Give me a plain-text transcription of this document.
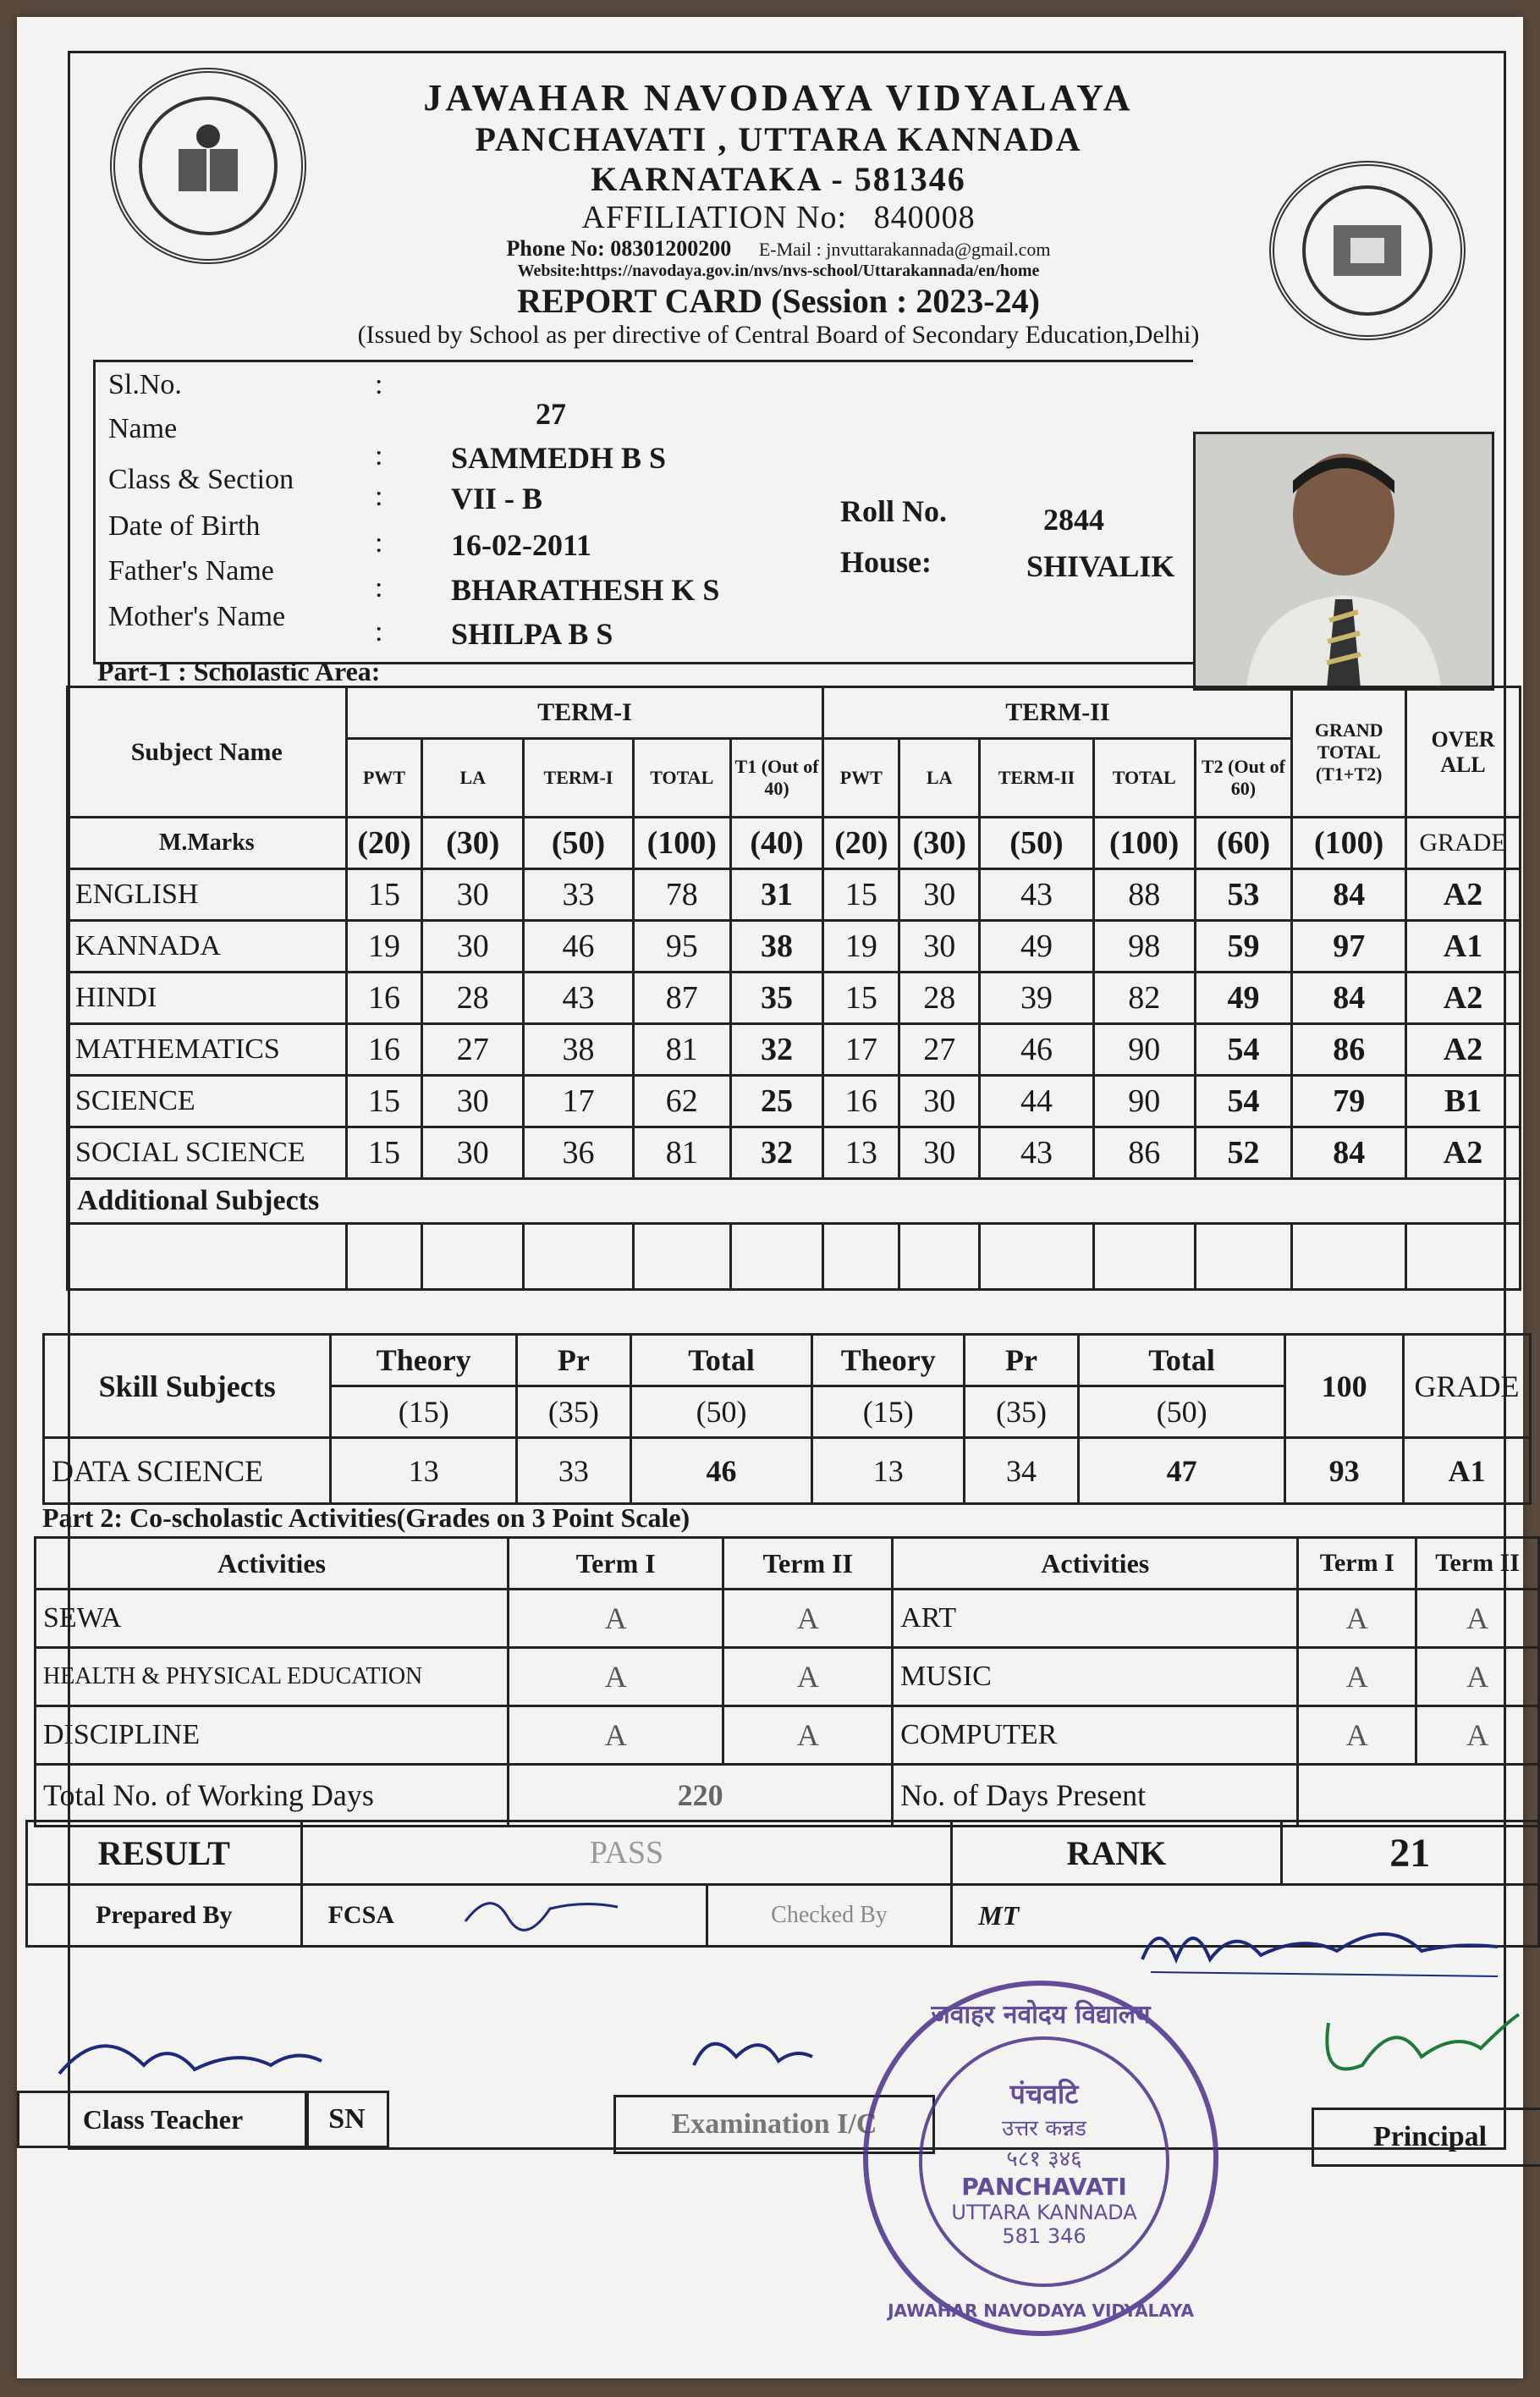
JAWAHAR NAVODAYA VIDYALAYA
PANCHAVATI , UTTARA KANNADA
KARNATAKA - 581346
AFFILIATION No: 840008
Phone No: 08301200200 E-Mail : jnvuttarakannada@gmail.com
Website:https://navodaya.gov.in/nvs/nvs-school/Uttarakannada/en/home
REPORT CARD (Session : 2023-24)
(Issued by School as per directive of Central Board of Secondary Education,Delhi)
Sl.No.	:
27
Name
: SAMMEDH B S
Class & Section
: VII - B
Date of Birth
: 16-02-2011
Father's Name
: BHARATHESH K S
Mother's Name	: SHILPA B S
Roll No.	2844
House:	SHIVALIK
Part-1 : Scholastic Area:
Subject Name	TERM-I					TERM-II					GRAND TOTAL (T1+T2)	OVER ALL
	PWT	LA	TERM-I	TOTAL	T1 (Out of 40)	PWT	LA	TERM-II	TOTAL	T2 (Out of 60)		
M.Marks	(20)	(30)	(50)	(100)	(40)	(20)	(30)	(50)	(100)	(60)	(100)	GRADE
ENGLISH	15	30	33	78	31	15	30	43	88	53	84	A2
KANNADA	19	30	46	95	38	19	30	49	98	59	97	A1
HINDI	16	28	43	87	35	15	28	39	82	49	84	A2
MATHEMATICS	16	27	38	81	32	17	27	46	90	54	86	A2
SCIENCE	15	30	17	62	25	16	30	44	90	54	79	B1
SOCIAL SCIENCE	15	30	36	81	32	13	30	43	86	52	84	A2
Additional Subjects												

Skill Subjects	Theory	Pr	Total	Theory	Pr	Total	100	GRADE
	(15)	(35)	(50)	(15)	(35)	(50)		
DATA SCIENCE	13	33	46	13	34	47	93	A1
Part 2: Co-scholastic Activities(Grades on 3 Point Scale)
Activities	Term I	Term II	Activities	Term I	Term II
SEWA	A	A	ART	A	A
HEALTH & PHYSICAL EDUCATION	A	A	MUSIC	A	A
DISCIPLINE	A	A	COMPUTER	A	A
Total No. of Working Days	220		No. of Days Present		
RESULT	PASS		RANK	21
Prepared By	FCSA	Checked By	MT	
Class Teacher	SN	Examination I/C	Principal
जवाहर नवोदय विद्यालय
पंचवटि
उत्तर कन्नड
५८१ ३४६
PANCHAVATI
UTTARA KANNADA
581 346
JAWAHAR NAVODAYA VIDYALAYA
